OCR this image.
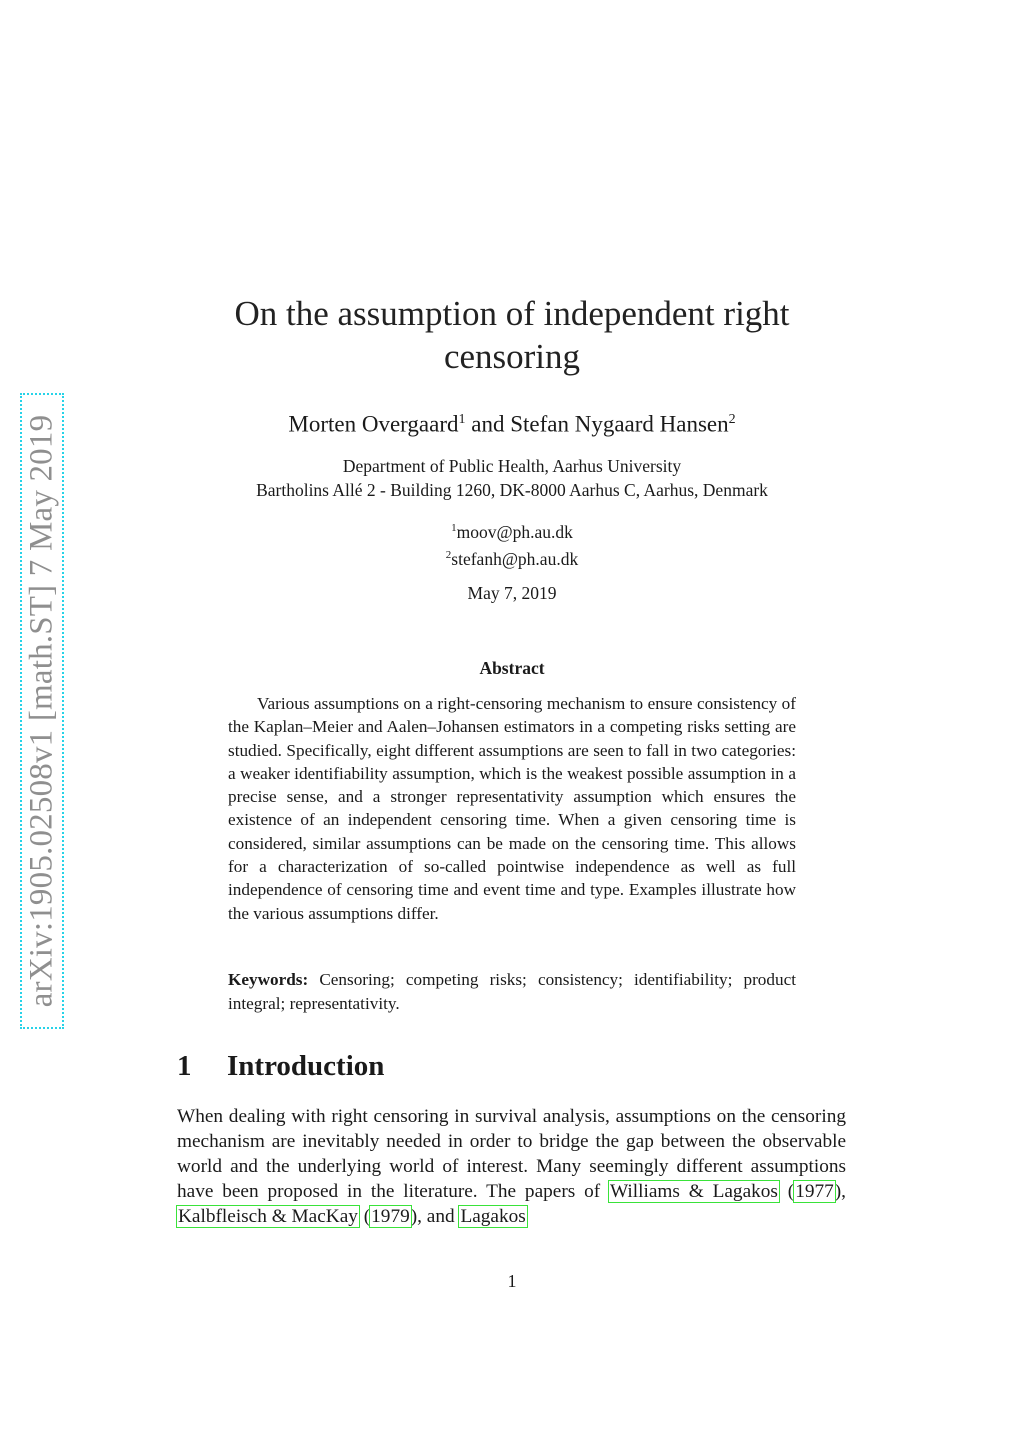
arXiv:1905.02508v1 [math.ST] 7 May 2019
On the assumption of independent right
censoring
Morten Overgaard$^1$ and Stefan Nygaard Hansen$^2$
Department of Public Health, Aarhus University
Bartholins Allé 2 - Building 1260, DK-8000 Aarhus C, Aarhus, Denmark
$^1$moov@ph.au.dk
$^2$stefanh@ph.au.dk
May 7, 2019
Abstract
Various assumptions on a right-censoring mechanism to ensure consistency of the Kaplan–Meier and Aalen–Johansen estimators in a competing risks setting are studied. Specifically, eight different assumptions are seen to fall in two categories: a weaker identifiability assumption, which is the weakest possible assumption in a precise sense, and a stronger representativity assumption which ensures the existence of an independent censoring time. When a given censoring time is considered, similar assumptions can be made on the censoring time. This allows for a characterization of so-called pointwise independence as well as full independence of censoring time and event time and type. Examples illustrate how the various assumptions differ.
Keywords: Censoring; competing risks; consistency; identifiability; product integral; representativity.
1 Introduction
When dealing with right censoring in survival analysis, assumptions on the censoring mechanism are inevitably needed in order to bridge the gap between the observable world and the underlying world of interest. Many seemingly different assumptions have been proposed in the literature. The papers of Williams & Lagakos (1977), Kalbfleisch & MacKay (1979), and Lagakos
1
